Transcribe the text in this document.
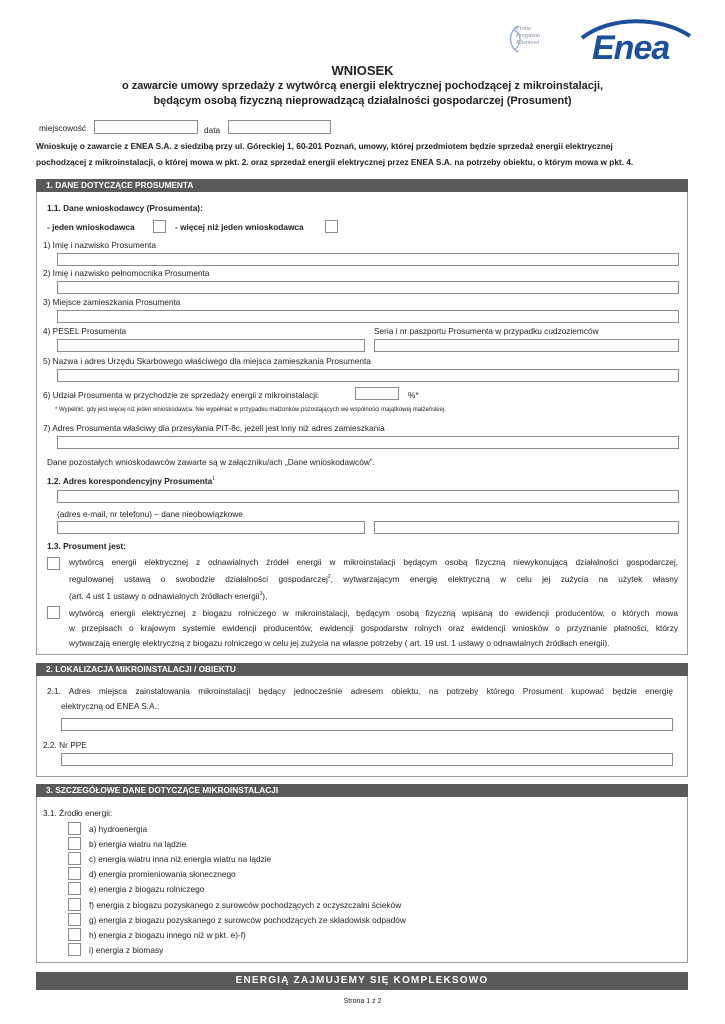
Firma
Przyjazna
Klientowi Enea
WNIOSEK
o zawarcie umowy sprzedaży z wytwórcą energii elektrycznej pochodzącej z mikroinstalacji,
będącym osobą fizyczną nieprowadzącą działalności gospodarczej (Prosument)
miejscowość	data
Wnioskuję o zawarcie z ENEA S.A. z siedzibą przy ul. Góreckiej 1, 60-201 Poznań, umowy, której przedmiotem będzie sprzedaż energii elektrycznej
pochodzącej z mikroinstalacji, o której mowa w pkt. 2. oraz sprzedaż energii elektrycznej przez ENEA S.A. na potrzeby obiektu, o którym mowa w pkt. 4.
1. DANE DOTYCZĄCE PROSUMENTA
1.1. Dane wnioskodawcy (Prosumenta):
- jeden wnioskodawca	- więcej niż jeden wnioskodawca
1) Imię i nazwisko Prosumenta
2) Imię i nazwisko pełnomocnika Prosumenta
3) Miejsce zamieszkania Prosumenta
4) PESEL Prosumenta	Seria i nr paszportu Prosumenta w przypadku cudzoziemców
5) Nazwa i adres Urzędu Skarbowego właściwego dla miejsca zamieszkania Prosumenta
6) Udział Prosumenta w przychodzie ze sprzedaży energii z mikroinstalacji:	%*
* Wypełnić, gdy jest więcej niż jeden wnioskodawca. Nie wypełniać w przypadku małżonków pozostających we wspólności majątkowej małżeńskiej.
7) Adres Prosumenta właściwy dla przesyłania PIT-8c, jeżeli jest inny niż adres zamieszkania
Dane pozostałych wnioskodawców zawarte są w załączniku/ach „Dane wnioskodawców”.
1.2. Adres korespondencyjny Prosumenta$^1$
(adres e-mail, nr telefonu) – dane nieobowiązkowe
1.3. Prosument jest:
wytwórcą energii elektrycznej z odnawialnych źródeł energii w mikroinstalacji będącym osobą fizyczną niewykonującą działalności gospodarczej,
regulowanej ustawą o swobodzie działalności gospodarczej$^2$, wytwarzającym energię elektryczną w celu jej zużycia na użytek własny
(art. 4 ust 1 ustawy o odnawialnych źródłach energii$^3$),
wytwórcą energii elektrycznej z biogazu rolniczego w mikroinstalacji, będącym osobą fizyczną wpisaną do ewidencji producentów, o których mowa
w przepisach o krajowym systemie ewidencji producentów, ewidencji gospodarstw rolnych oraz ewidencji wniosków o przyznanie płatności, którzy
wytwarzają energię elektryczną z biogazu rolniczego w celu jej zużycia na własne potrzeby ( art. 19 ust. 1 ustawy o odnawialnych źródłach energii).
2. LOKALIZACJA MIKROINSTALACJI / OBIEKTU
2.1. Adres miejsca zainstalowania mikroinstalacji będący jednocześnie adresem obiektu, na potrzeby którego Prosument kupować będzie energię
elektryczną od ENEA S.A.:
2.2. Nr PPE
3. SZCZEGÓŁOWE DANE DOTYCZĄCE MIKROINSTALACJI
3.1. Źródło energii:
a) hydroenergia
b) energia wiatru na lądzie
c) energia wiatru inna niż energia wiatru na lądzie
d) energia promieniowania słonecznego
e) energia z biogazu rolniczego
f) energia z biogazu pozyskanego z surowców pochodzących z oczyszczalni ścieków
g) energia z biogazu pozyskanego z surowców pochodzących ze składowisk odpadów
h) energia z biogazu innego niż w pkt. e)-f)
i) energia z biomasy
ENERGIĄ ZAJMUJEMY SIĘ KOMPLEKSOWO
Strona 1 z 2
